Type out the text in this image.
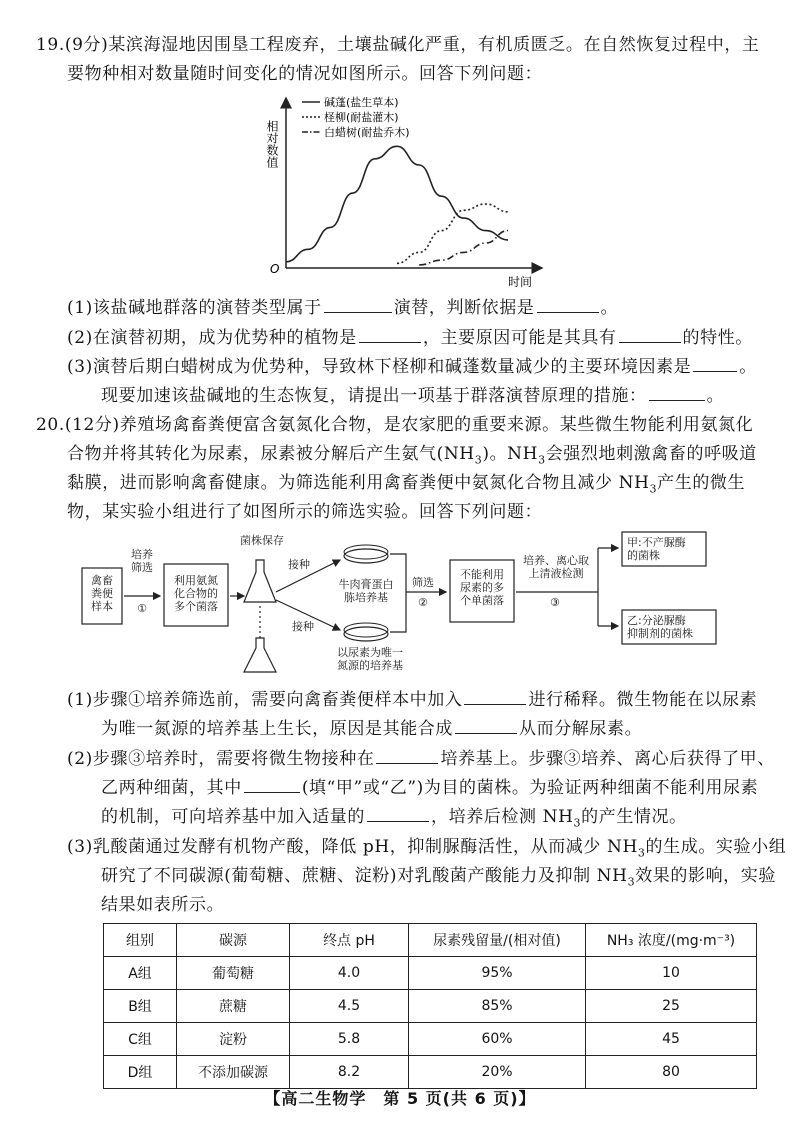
19.(9分)某滨海湿地因围垦工程废弃，土壤盐碱化严重，有机质匮乏。在自然恢复过程中，主
要物种相对数量随时间变化的情况如图所示。回答下列问题：
相对数值
时间
O
碱蓬(盐生草本)
柽柳(耐盐灌木)
白蜡树(耐盐乔木)
(1)该盐碱地群落的演替类型属于	演替，判断依据是	。
(2)在演替初期，成为优势种的植物是	，主要原因可能是其具有	的特性。
(3)演替后期白蜡树成为优势种，导致林下柽柳和碱蓬数量减少的主要环境因素是	。
现要加速该盐碱地的生态恢复，请提出一项基于群落演替原理的措施：	。
20.(12分)养殖场禽畜粪便富含氨氮化合物，是农家肥的重要来源。某些微生物能利用氨氮化
合物并将其转化为尿素，尿素被分解后产生氨气$(NH_3)$。$NH_3$会强烈地刺激禽畜的呼吸道
黏膜，进而影响禽畜健康。为筛选能利用禽畜粪便中氨氮化合物且减少 $NH_3$产生的微生
物，某实验小组进行了如图所示的筛选实验。回答下列问题：
禽畜粪便样本
培养筛选
①
利用氨氮化合物的多个菌落
菌株保存
接种
接种
牛肉膏蛋白胨培养基
以尿素为唯一氮源的培养基
筛选
②
不能利用尿素的多个单菌落
培养、离心取上清液检测
③
甲:不产脲酶的菌株
乙:分泌脲酶抑制剂的菌株
(1)步骤①培养筛选前，需要向禽畜粪便样本中加入	进行稀释。微生物能在以尿素
为唯一氮源的培养基上生长，原因是其能合成	从而分解尿素。
(2)步骤③培养时，需要将微生物接种在	培养基上。步骤③培养、离心后获得了甲、
乙两种细菌，其中	(填“甲”或“乙”)为目的菌株。为验证两种细菌不能利用尿素
的机制，可向培养基中加入适量的	，培养后检测 $NH_3$的产生情况。
(3)乳酸菌通过发酵有机物产酸，降低 pH，抑制脲酶活性，从而减少 $NH_3$的生成。实验小组
研究了不同碳源(葡萄糖、蔗糖、淀粉)对乳酸菌产酸能力及抑制 $NH_3$效果的影响，实验
结果如表所示。
组别	碳源	终点 pH	尿素残留量/(相对值)	NH₃ 浓度/(mg·m⁻³)
A组	葡萄糖	4.0	95%	10
B组	蔗糖	4.5	85%	25
C组	淀粉	5.8	60%	45
D组	不添加碳源	8.2	20%	80
【高二生物学　第 5 页(共 6 页)】
